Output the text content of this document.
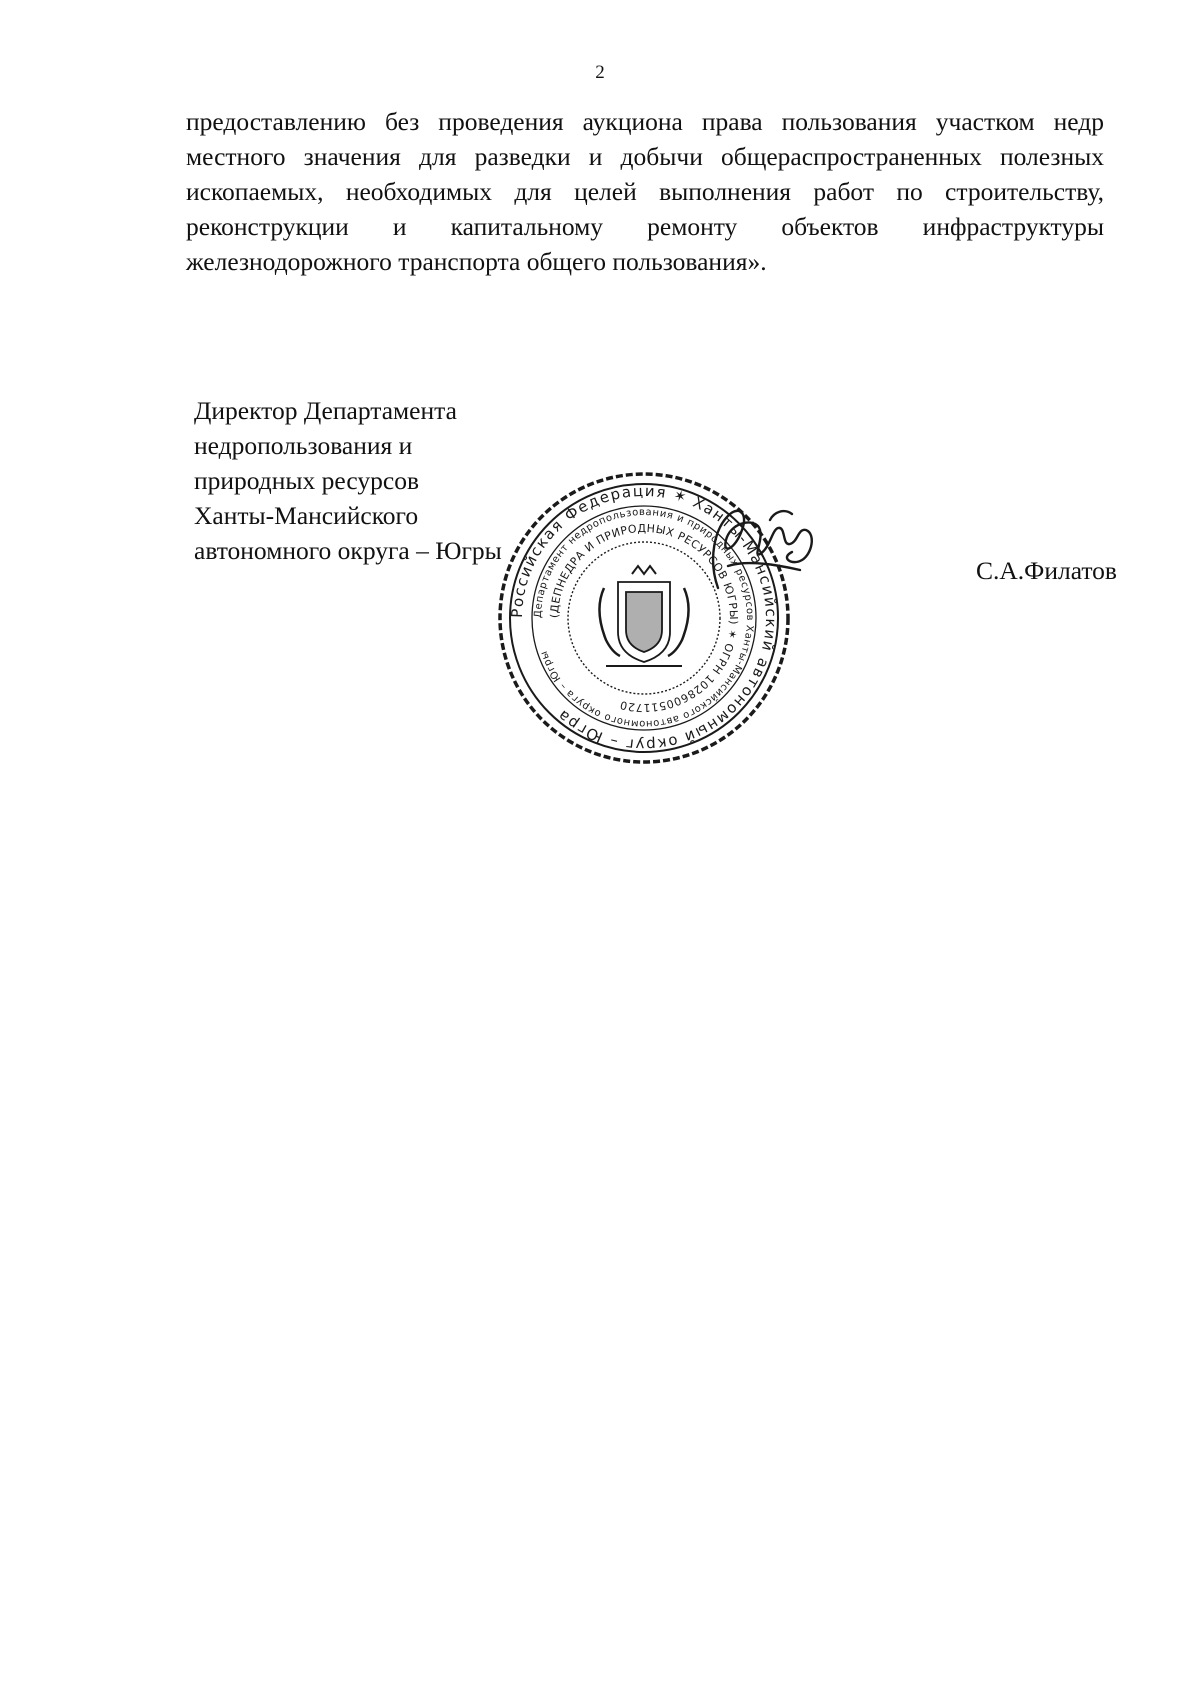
2
предоставлению без проведения аукциона права пользования участком недр
местного значения для разведки и добычи общераспространенных полезных
ископаемых, необходимых для целей выполнения работ по строительству,
реконструкции и капитальному ремонту объектов инфраструктуры
железнодорожного транспорта общего пользования».
Директор Департамента
недропользования и
природных ресурсов
Ханты-Мансийского
автономного округа – Югры
С.А.Филатов
Российская Федерация ✶ Ханты-Мансийский автономный округ – Югра
Департамент недропользования и природных ресурсов Ханты-Мансийского автономного округа – Югры
(ДЕПНЕДРА И ПРИРОДНЫХ РЕСУРСОВ ЮГРЫ) ✶ ОГРН 1028600511720
